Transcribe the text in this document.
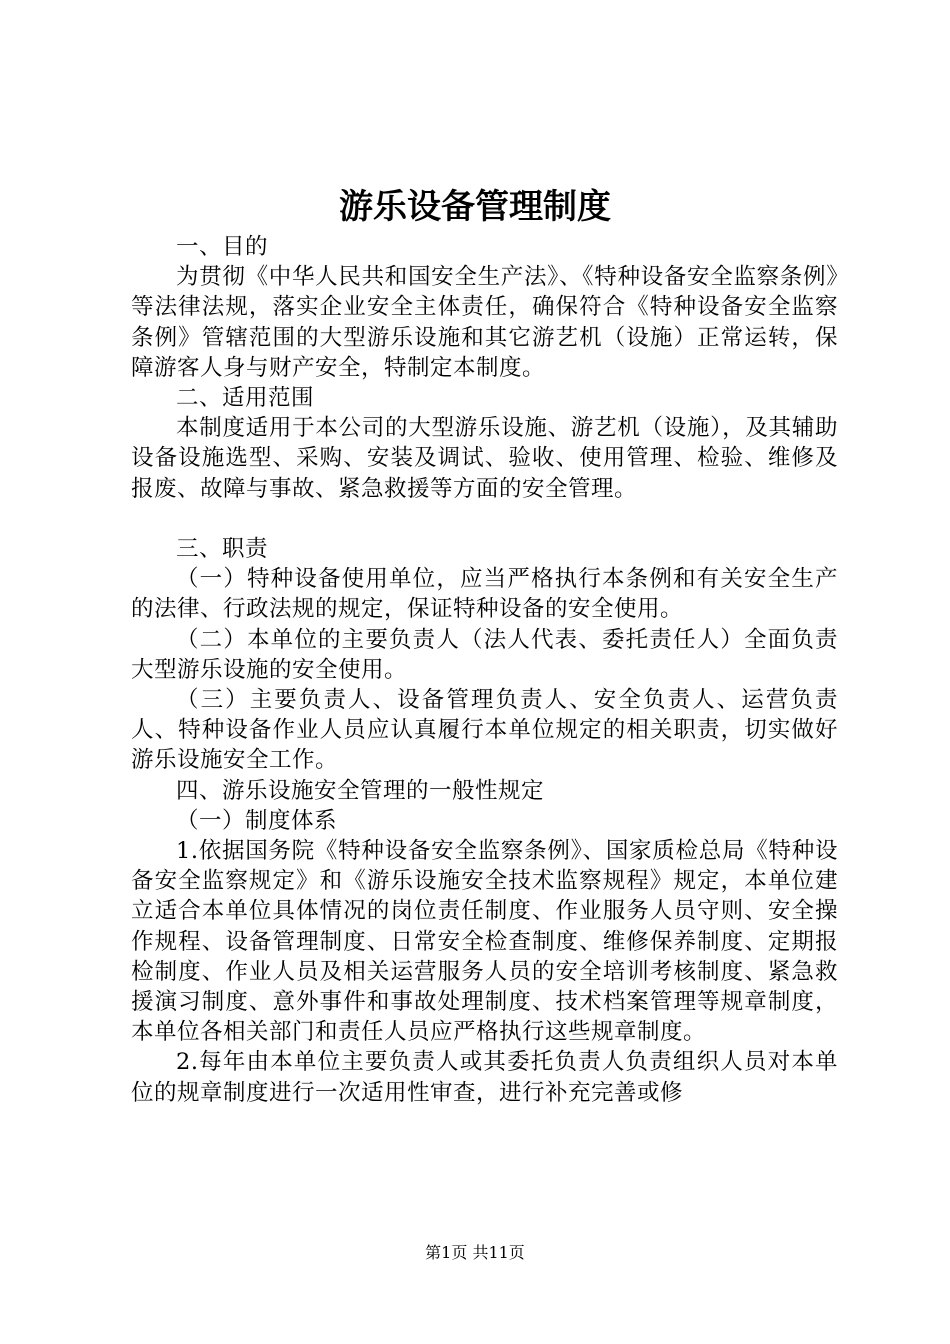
游乐设备管理制度

一、目的

为贯彻《中华人民共和国安全生产法》、《特种设备安全监察条例》等法律法规，落实企业安全主体责任，确保符合《特种设备安全监察条例》管辖范围的大型游乐设施和其它游艺机（设施）正常运转，保障游客人身与财产安全，特制定本制度。

二、适用范围

本制度适用于本公司的大型游乐设施、游艺机（设施），及其辅助设备设施选型、采购、安装及调试、验收、使用管理、检验、维修及报废、故障与事故、紧急救援等方面的安全管理。

三、职责

（一）特种设备使用单位，应当严格执行本条例和有关安全生产的法律、行政法规的规定，保证特种设备的安全使用。

（二）本单位的主要负责人（法人代表、委托责任人）全面负责大型游乐设施的安全使用。

（三）主要负责人、设备管理负责人、安全负责人、运营负责人、特种设备作业人员应认真履行本单位规定的相关职责，切实做好游乐设施安全工作。

四、游乐设施安全管理的一般性规定

（一）制度体系

1.依据国务院《特种设备安全监察条例》、国家质检总局《特种设备安全监察规定》和《游乐设施安全技术监察规程》规定，本单位建立适合本单位具体情况的岗位责任制度、作业服务人员守则、安全操作规程、设备管理制度、日常安全检查制度、维修保养制度、定期报检制度、作业人员及相关运营服务人员的安全培训考核制度、紧急救援演习制度、意外事件和事故处理制度、技术档案管理等规章制度，本单位各相关部门和责任人员应严格执行这些规章制度。

2.每年由本单位主要负责人或其委托负责人负责组织人员对本单位的规章制度进行一次适用性审查，进行补充完善或修

第1页 共11页
